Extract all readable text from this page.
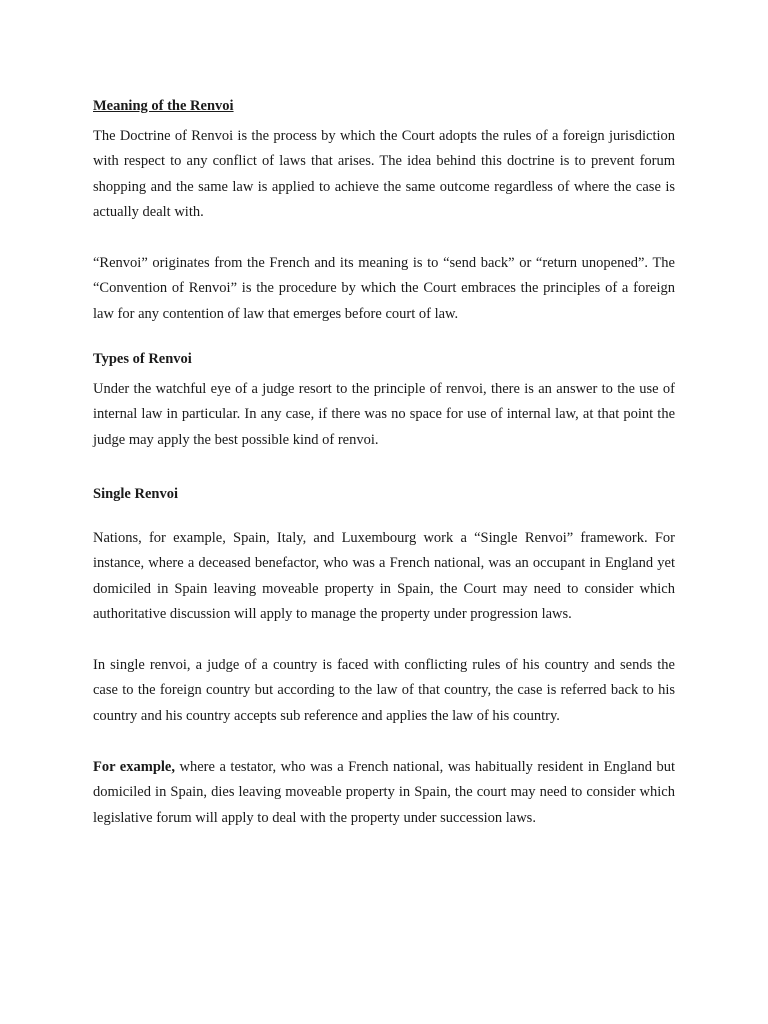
Meaning of the Renvoi

The Doctrine of Renvoi is the process by which the Court adopts the rules of a foreign jurisdiction with respect to any conflict of laws that arises. The idea behind this doctrine is to prevent forum shopping and the same law is applied to achieve the same outcome regardless of where the case is actually dealt with.

“Renvoi” originates from the French and its meaning is to “send back” or “return unopened”. The “Convention of Renvoi” is the procedure by which the Court embraces the principles of a foreign law for any contention of law that emerges before court of law.

Types of Renvoi

Under the watchful eye of a judge resort to the principle of renvoi, there is an answer to the use of internal law in particular. In any case, if there was no space for use of internal law, at that point the judge may apply the best possible kind of renvoi.

Single Renvoi

Nations, for example, Spain, Italy, and Luxembourg work a “Single Renvoi” framework. For instance, where a deceased benefactor, who was a French national, was an occupant in England yet domiciled in Spain leaving moveable property in Spain, the Court may need to consider which authoritative discussion will apply to manage the property under progression laws.

In single renvoi, a judge of a country is faced with conflicting rules of his country and sends the case to the foreign country but according to the law of that country, the case is referred back to his country and his country accepts sub reference and applies the law of his country.

For example, where a testator, who was a French national, was habitually resident in England but domiciled in Spain, dies leaving moveable property in Spain, the court may need to consider which legislative forum will apply to deal with the property under succession laws.
